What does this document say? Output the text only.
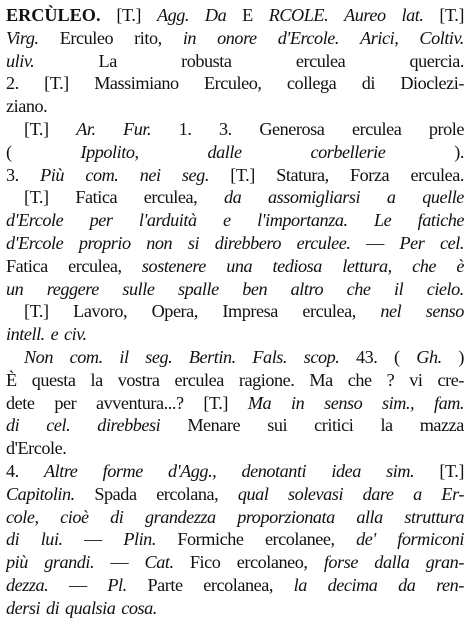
ERCÙLEO. [T.] Agg. Da E RCOLE. Aureo lat. [T.]
Virg. Erculeo rito, in onore d'Ercole. Arici, Coltiv.
uliv.	La	robusta	erculea	quercia.
2. [T.] Massimiano Erculeo, collega di Dioclezi-
ziano.
[T.] Ar. Fur. 1. 3. Generosa erculea prole
(	Ippolito,	dalle	corbellerie	).
3. Più com. nei seg. [T.] Statura, Forza erculea.
[T.] Fatica erculea, da assomigliarsi a quelle
d'Ercole per l'arduità e l'importanza. Le fatiche
d'Ercole proprio non si direbbero erculee. — Per cel.
Fatica erculea, sostenere una tediosa lettura, che è
un reggere sulle spalle ben altro che il cielo.
[T.] Lavoro, Opera, Impresa erculea, nel senso
intell. e civ.
Non com. il seg. Bertin. Fals. scop. 43. ( Gh. )
È questa la vostra erculea ragione. Ma che ? vi cre-
dete per avventura...? [T.] Ma in senso sim., fam.
di cel. direbbesi Menare sui critici la mazza
d'Ercole.
4. Altre forme d'Agg., denotanti idea sim. [T.]
Capitolin. Spada ercolana, qual solevasi dare a Er-
cole, cioè di grandezza proporzionata alla struttura
di lui. — Plin. Formiche ercolanee, de' formiconi
più grandi. — Cat. Fico ercolaneo, forse dalla gran-
dezza. — Pl. Parte ercolanea, la decima da ren-
dersi di qualsia cosa.
